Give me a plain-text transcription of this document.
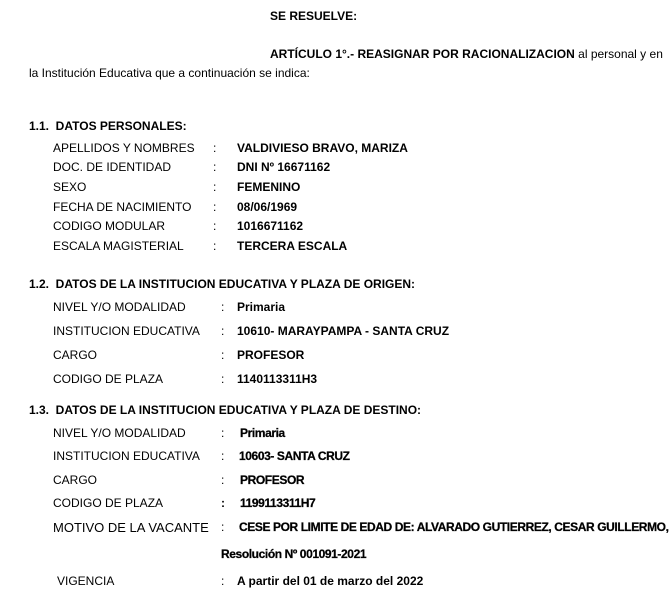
SE RESUELVE:
ARTÍCULO 1°.- REASIGNAR POR RACIONALIZACION al personal y en
la Institución Educativa que a continuación se indica:
1.1.  DATOS PERSONALES:
APELLIDOS Y NOMBRES : VALDIVIESO BRAVO, MARIZA
DOC. DE IDENTIDAD	: DNI Nº 16671162
SEXO	: FEMENINO
FECHA DE NACIMIENTO : 08/06/1969
CODIGO MODULAR	: 1016671162
ESCALA MAGISTERIAL : TERCERA ESCALA
1.2.  DATOS DE LA INSTITUCION EDUCATIVA Y PLAZA DE ORIGEN:
NIVEL Y/O MODALIDAD	: Primaria
INSTITUCION EDUCATIVA : 10610- MARAYPAMPA - SANTA CRUZ
CARGO	: PROFESOR
CODIGO DE PLAZA	: 1140113311H3
1.3.  DATOS DE LA INSTITUCION EDUCATIVA Y PLAZA DE DESTINO:
NIVEL Y/O MODALIDAD	: Primaria
INSTITUCION EDUCATIVA : 10603- SANTA CRUZ
CARGO	: PROFESOR
CODIGO DE PLAZA	: 1199113311H7
MOTIVO DE LA VACANTE : CESE POR LIMITE DE EDAD DE: ALVARADO GUTIERREZ, CESAR GUILLERMO,
Resolución Nº 001091-2021
VIGENCIA	: A partir del 01 de marzo del 2022
